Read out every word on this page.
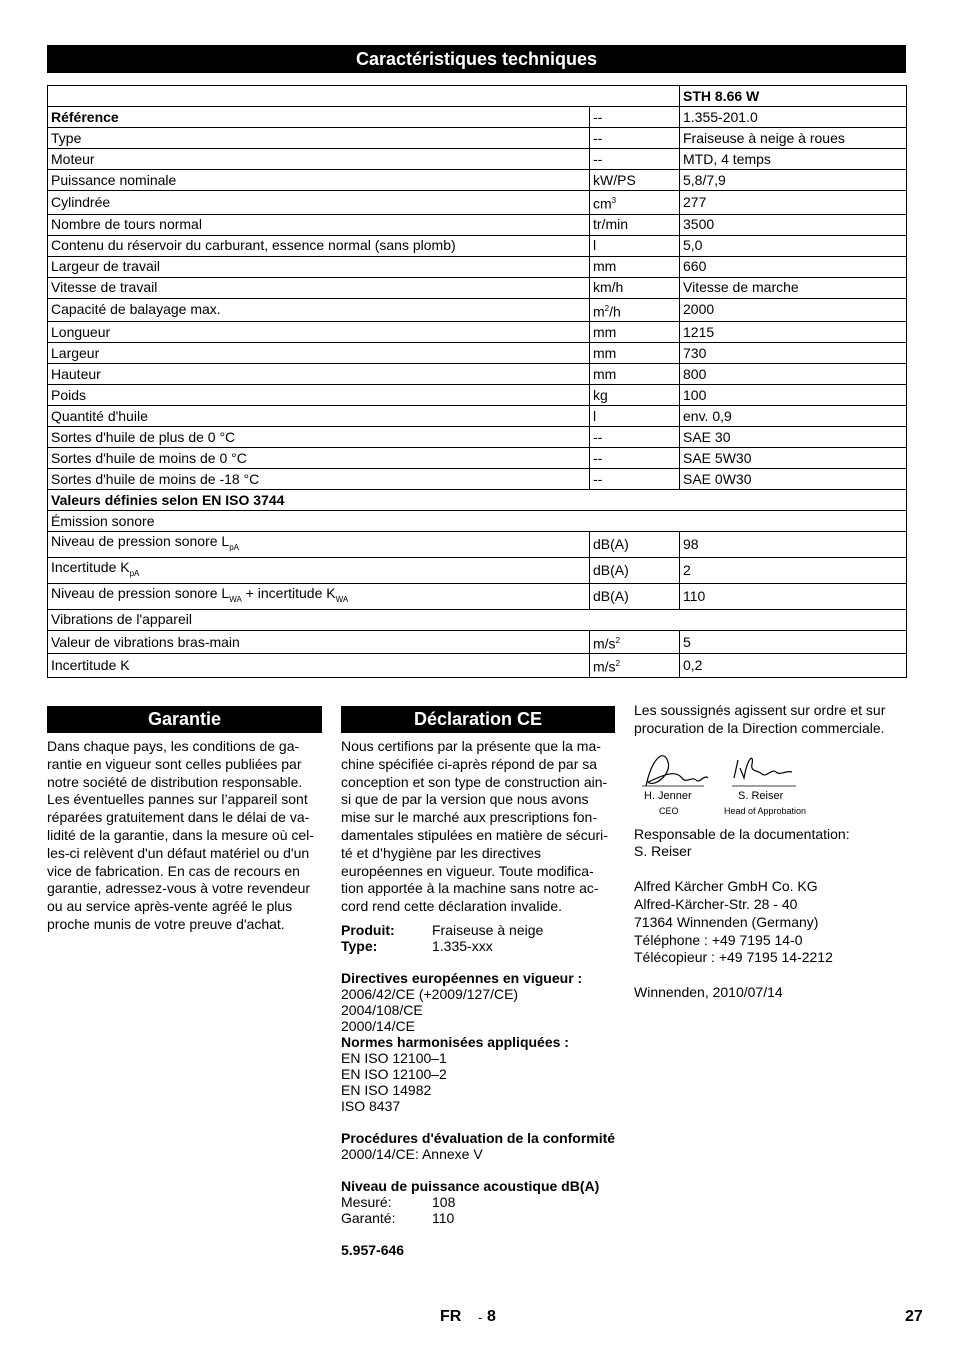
Caractéristiques techniques
		STH 8.66 W
Référence	--	1.355-201.0
Type	--	Fraiseuse à neige à roues
Moteur	--	MTD, 4 temps
Puissance nominale	kW/PS	5,8/7,9
Cylindrée	$cm^3$	277
Nombre de tours normal	tr/min	3500
Contenu du réservoir du carburant, essence normal (sans plomb)	l	5,0
Largeur de travail	mm	660
Vitesse de travail	km/h	Vitesse de marche
Capacité de balayage max.	$m^2/h$	2000
Longueur	mm	1215
Largeur	mm	730
Hauteur	mm	800
Poids	kg	100
Quantité d'huile	l	env. 0,9
Sortes d'huile de plus de 0 °C	--	SAE 30
Sortes d'huile de moins de 0 °C	--	SAE 5W30
Sortes d'huile de moins de -18 °C	--	SAE 0W30
Valeurs définies selon EN ISO 3744		
Émission sonore		
Niveau de pression sonore $L_{pA}$	dB(A)	98
Incertitude $K_{pA}$	dB(A)	2
Niveau de pression sonore $L_{WA}$ + incertitude $K_{WA}$	dB(A)	110
Vibrations de l'appareil		
Valeur de vibrations bras-main	$m/s^2$	5
Incertitude K	$m/s^2$	0,2
Garantie
Dans chaque pays, les conditions de ga-
rantie en vigueur sont celles publiées par
notre société de distribution responsable.
Les éventuelles pannes sur l’appareil sont
réparées gratuitement dans le délai de va-
lidité de la garantie, dans la mesure où cel-
les-ci relèvent d'un défaut matériel ou d'un
vice de fabrication. En cas de recours en
garantie, adressez-vous à votre revendeur
ou au service après-vente agréé le plus
proche munis de votre preuve d'achat.
Déclaration CE
Nous certifions par la présente que la ma-
chine spécifiée ci-après répond de par sa
conception et son type de construction ain-
si que de par la version que nous avons
mise sur le marché aux prescriptions fon-
damentales stipulées en matière de sécuri-
té et d’hygiène par les directives
européennes en vigueur. Toute modifica-
tion apportée à la machine sans notre ac-
cord rend cette déclaration invalide.
Produit:	Fraiseuse à neige
Type:	1.335-xxx
Directives européennes en vigueur :
2006/42/CE (+2009/127/CE)
2004/108/CE
2000/14/CE
Normes harmonisées appliquées :
EN ISO 12100–1
EN ISO 12100–2
EN ISO 14982
ISO 8437
Procédures d'évaluation de la conformité
2000/14/CE: Annexe V
Niveau de puissance acoustique dB(A)
Mesuré:	108
Garanté:	110
5.957-646
Les soussignés agissent sur ordre et sur
procuration de la Direction commerciale.
H. Jenner
CEO
S. Reiser
Head of Approbation
Responsable de la documentation:
S. Reiser
Alfred Kärcher GmbH Co. KG
Alfred-Kärcher-Str. 28 - 40
71364 Winnenden (Germany)
Téléphone : +49 7195 14-0
Télécopieur : +49 7195 14-2212
Winnenden, 2010/07/14
FR - 8	27
